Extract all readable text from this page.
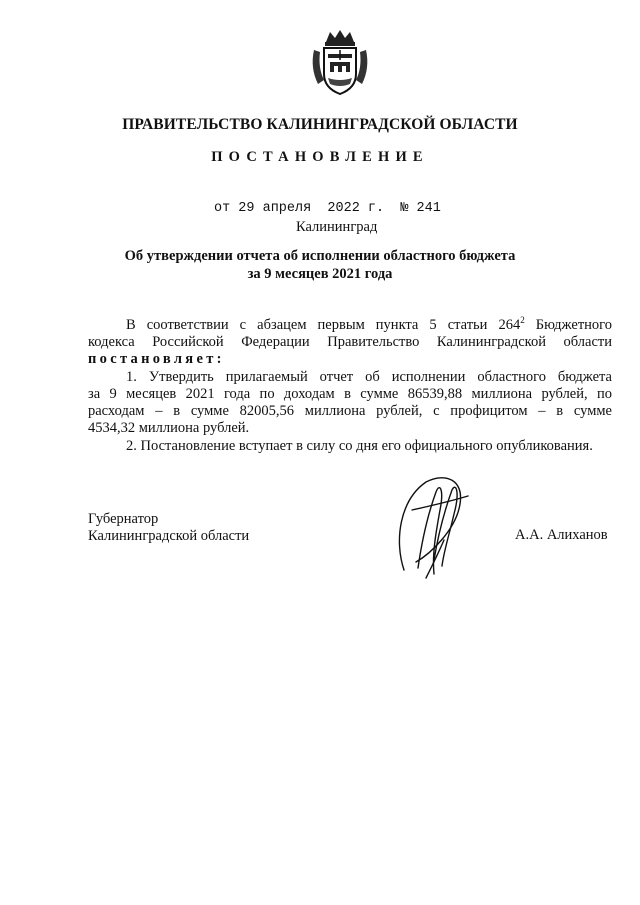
ПРАВИТЕЛЬСТВО КАЛИНИНГРАДСКОЙ ОБЛАСТИ
ПОСТАНОВЛЕНИЕ
от 29 апреля  2022 г.  № 241
Калининград
Об утверждении отчета об исполнении областного бюджета
за 9 месяцев 2021 года
В соответствии с абзацем первым пункта 5 статьи $264^2$ Бюджетного
кодекса Российской Федерации Правительство Калининградской области
постановляет:
1. Утвердить прилагаемый отчет об исполнении областного бюджета
за 9 месяцев 2021 года по доходам в сумме 86539,88 миллиона рублей, по
расходам – в сумме 82005,56 миллиона рублей, с профицитом – в сумме
4534,32 миллиона рублей.
2. Постановление вступает в силу со дня его официального опубликования.
Губернатор
Калининградской области	А.А. Алиханов
